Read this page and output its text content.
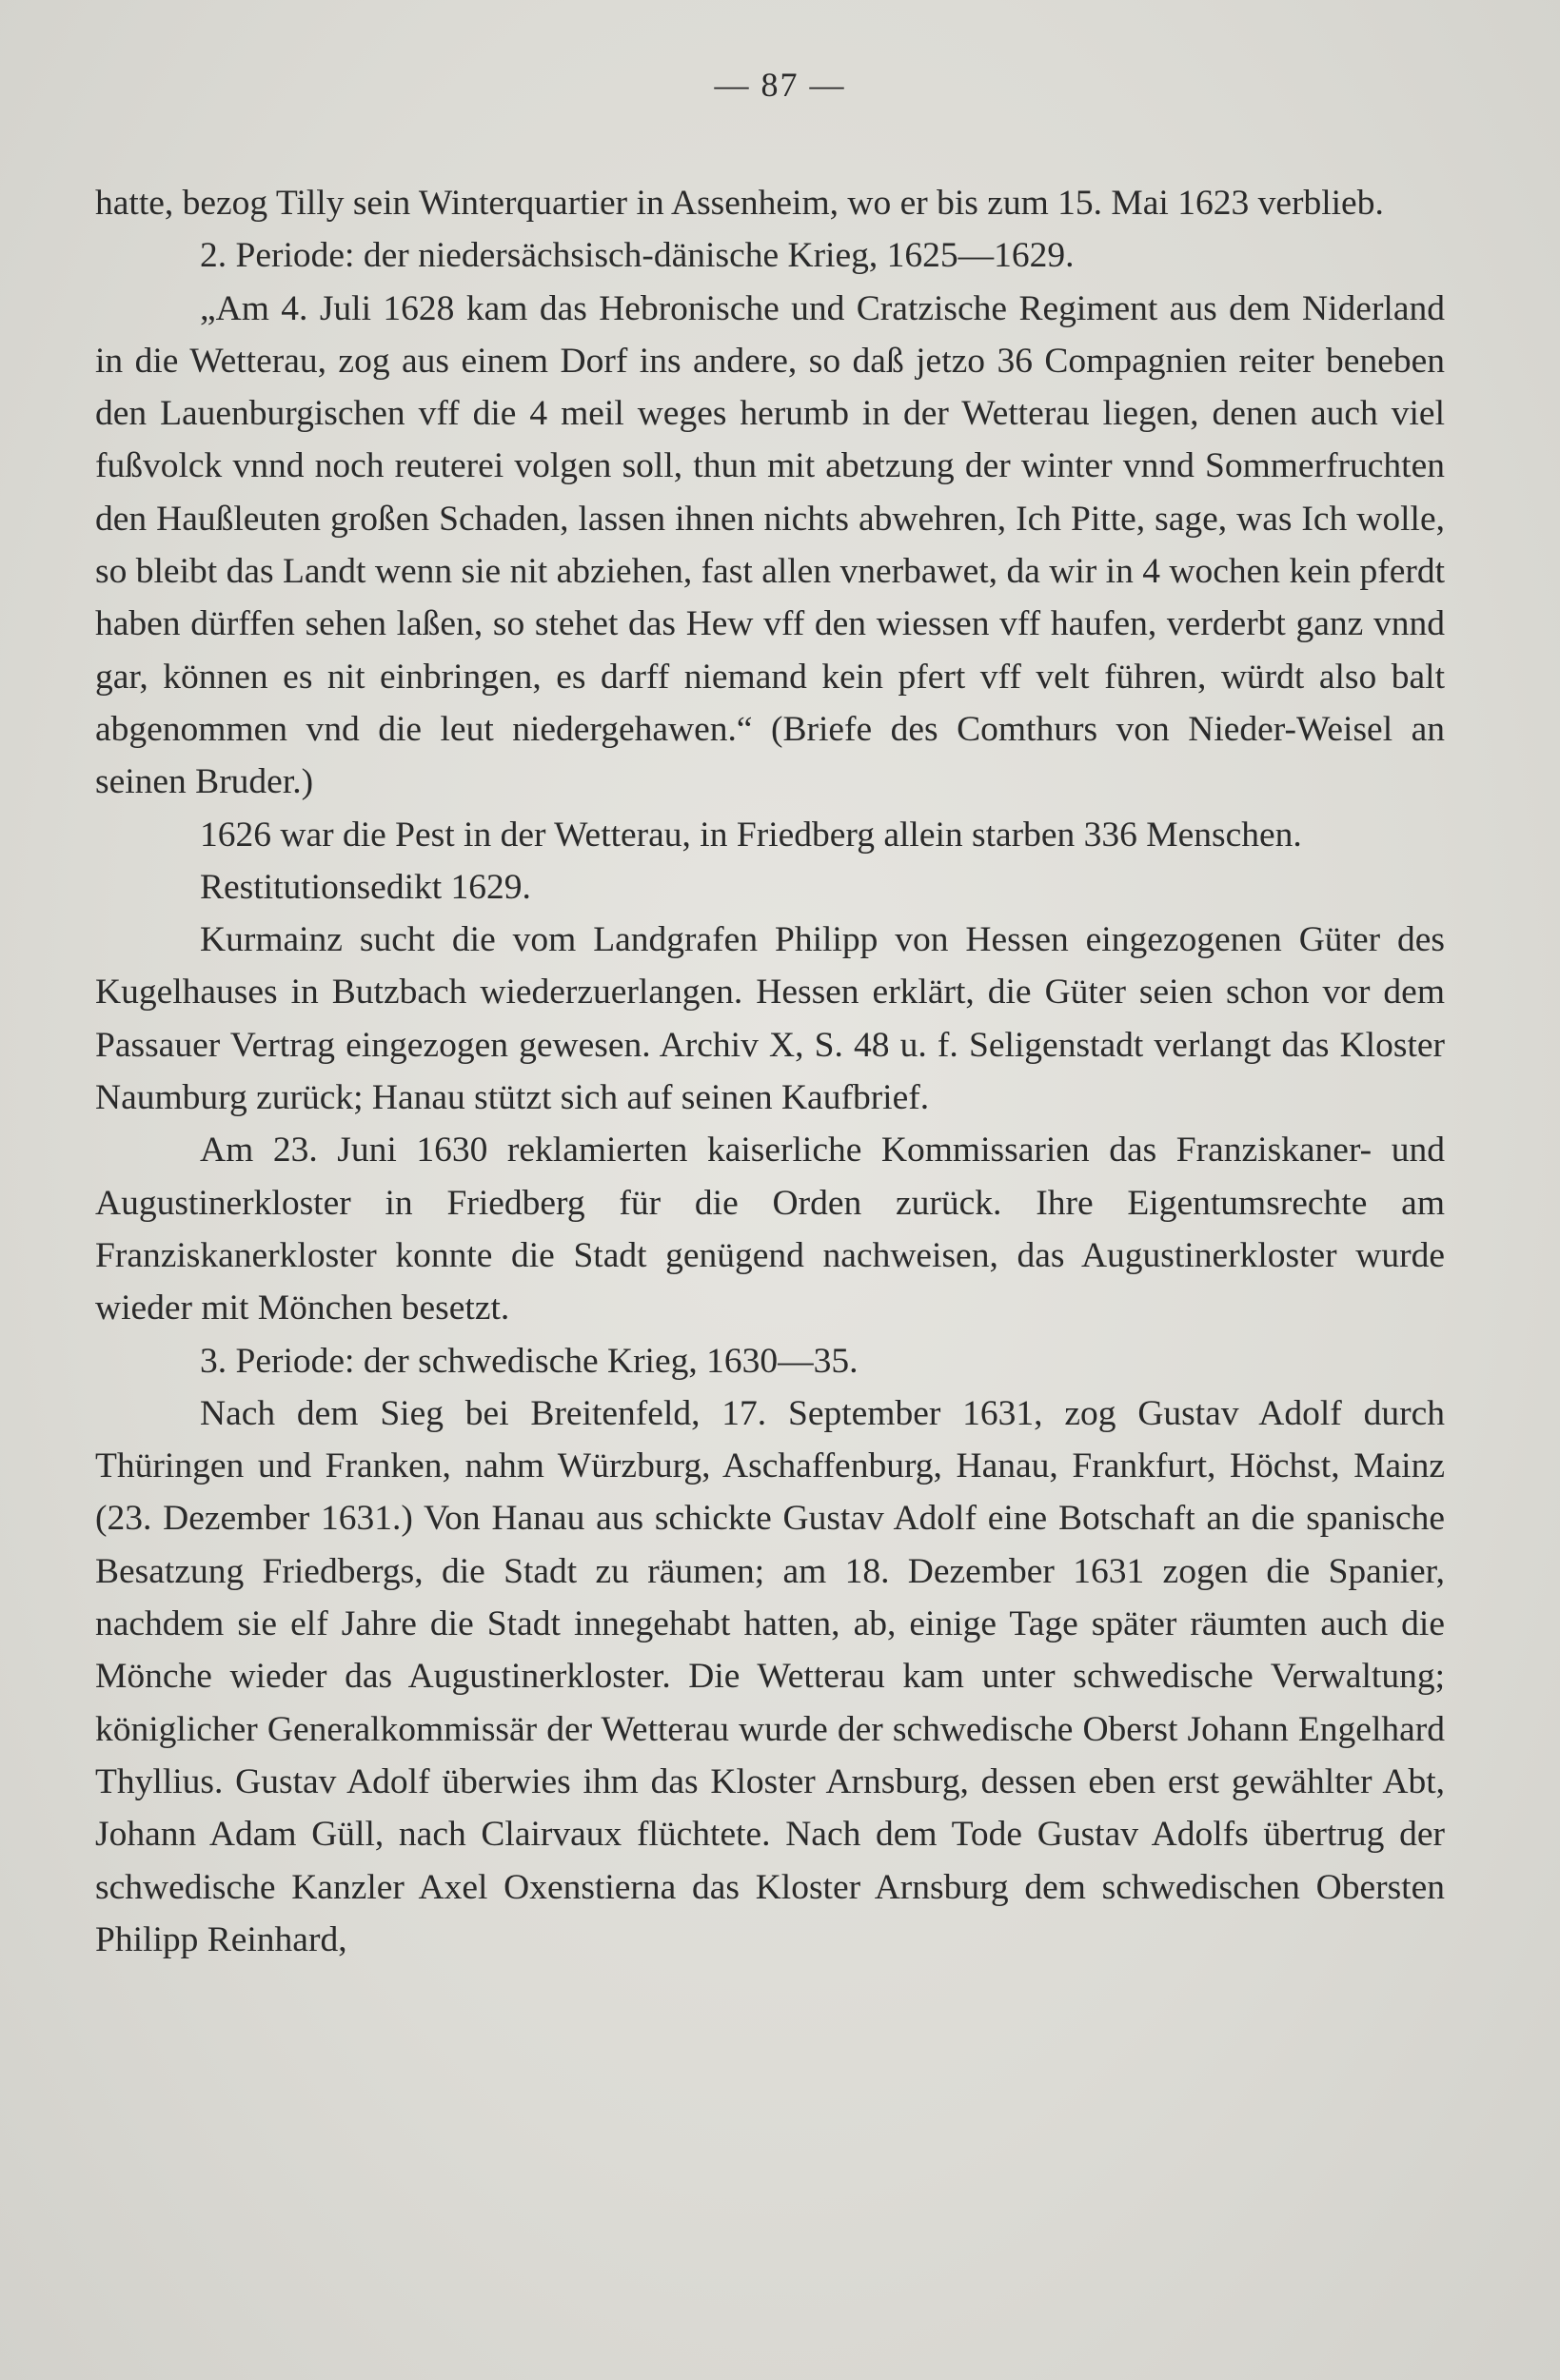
— 87 —

hatte, bezog Tilly sein Winterquartier in Assenheim, wo er bis zum 15. Mai 1623 verblieb.

2. Periode: der niedersächsisch-dänische Krieg, 1625—1629.

„Am 4. Juli 1628 kam das Hebronische und Cratzische Regiment aus dem Niderland in die Wetterau, zog aus einem Dorf ins andere, so daß jetzo 36 Compagnien reiter beneben den Lauenburgischen vff die 4 meil weges herumb in der Wetterau liegen, denen auch viel fußvolck vnnd noch reuterei volgen soll, thun mit abetzung der winter vnnd Sommerfruchten den Haußleuten großen Schaden, lassen ihnen nichts abwehren, Ich Pitte, sage, was Ich wolle, so bleibt das Landt wenn sie nit abziehen, fast allen vnerbawet, da wir in 4 wochen kein pferdt haben dürffen sehen laßen, so stehet das Hew vff den wiessen vff haufen, verderbt ganz vnnd gar, können es nit einbringen, es darff niemand kein pfert vff velt führen, würdt also balt abgenommen vnd die leut niedergehawen.“ (Briefe des Comthurs von Nieder-Weisel an seinen Bruder.)

1626 war die Pest in der Wetterau, in Friedberg allein starben 336 Menschen.

Restitutionsedikt 1629.

Kurmainz sucht die vom Landgrafen Philipp von Hessen eingezogenen Güter des Kugelhauses in Butzbach wiederzuerlangen. Hessen erklärt, die Güter seien schon vor dem Passauer Vertrag eingezogen gewesen. Archiv X, S. 48 u. f. Seligenstadt verlangt das Kloster Naumburg zurück; Hanau stützt sich auf seinen Kaufbrief.

Am 23. Juni 1630 reklamierten kaiserliche Kommissarien das Franziskaner- und Augustinerkloster in Friedberg für die Orden zurück. Ihre Eigentumsrechte am Franziskanerkloster konnte die Stadt genügend nachweisen, das Augustinerkloster wurde wieder mit Mönchen besetzt.

3. Periode: der schwedische Krieg, 1630—35.

Nach dem Sieg bei Breitenfeld, 17. September 1631, zog Gustav Adolf durch Thüringen und Franken, nahm Würzburg, Aschaffenburg, Hanau, Frankfurt, Höchst, Mainz (23. Dezember 1631.) Von Hanau aus schickte Gustav Adolf eine Botschaft an die spanische Besatzung Friedbergs, die Stadt zu räumen; am 18. Dezember 1631 zogen die Spanier, nachdem sie elf Jahre die Stadt innegehabt hatten, ab, einige Tage später räumten auch die Mönche wieder das Augustinerkloster. Die Wetterau kam unter schwedische Verwaltung; königlicher Generalkommissär der Wetterau wurde der schwedische Oberst Johann Engelhard Thyllius. Gustav Adolf überwies ihm das Kloster Arnsburg, dessen eben erst gewählter Abt, Johann Adam Güll, nach Clairvaux flüchtete. Nach dem Tode Gustav Adolfs übertrug der schwedische Kanzler Axel Oxenstierna das Kloster Arnsburg dem schwedischen Obersten Philipp Reinhard,
